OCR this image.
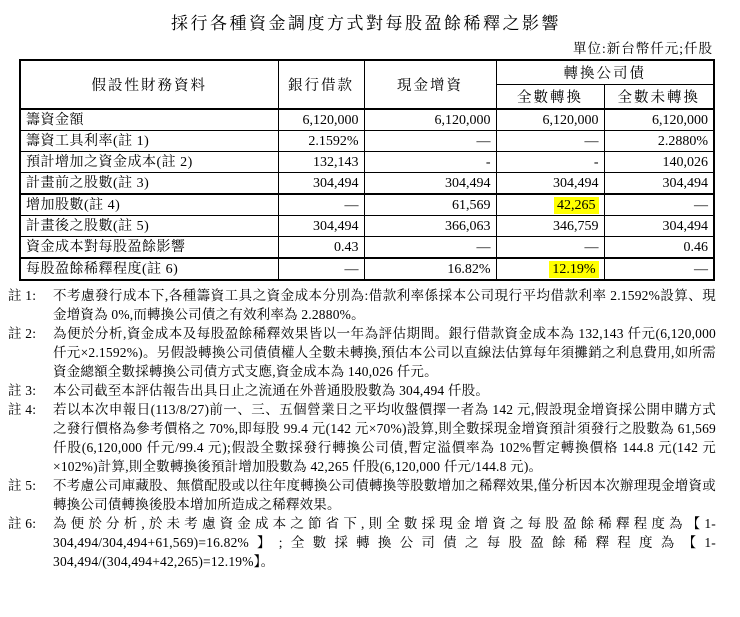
採行各種資金調度方式對每股盈餘稀釋之影響
單位:新台幣仟元;仟股
假設性財務資料	銀行借款	現金增資	轉換公司債	
			全數轉換	全數未轉換
籌資金額	6,120,000	6,120,000	6,120,000	6,120,000
籌資工具利率(註 1)	2.1592%	—	—	2.2880%
預計增加之資金成本(註 2)	132,143	-	-	140,026
計畫前之股數(註 3)	304,494	304,494	304,494	304,494
增加股數(註 4)	—	61,569	42,265	—
計畫後之股數(註 5)	304,494	366,063	346,759	304,494
資金成本對每股盈餘影響	0.43	—	—	0.46
每股盈餘稀釋程度(註 6)	—	16.82%	12.19%	—
註 1:	不考慮發行成本下,各種籌資工具之資金成本分別為:借款利率係採本公司現行平均借款利率 2.1592%設算、現金增資為 0%,而轉換公司債之有效利率為 2.2880%。
註 2:	為便於分析,資金成本及每股盈餘稀釋效果皆以一年為評估期間。銀行借款資金成本為 132,143 仟元(6,120,000 仟元×2.1592%)。另假設轉換公司債債權人全數未轉換,預估本公司以直線法估算每年須攤銷之利息費用,如所需資金總額全數採轉換公司債方式支應,資金成本為 140,026 仟元。
註 3:	本公司截至本評估報告出具日止之流通在外普通股股數為 304,494 仟股。
註 4:	若以本次申報日(113/8/27)前一、三、五個營業日之平均收盤價擇一者為 142 元,假設現金增資採公開申購方式之發行價格為參考價格之 70%,即每股 99.4 元(142 元×70%)設算,則全數採現金增資預計須發行之股數為 61,569 仟股(6,120,000 仟元/99.4 元);假設全數採發行轉換公司債,暫定溢價率為 102%暫定轉換價格 144.8 元(142 元×102%)計算,則全數轉換後預計增加股數為 42,265 仟股(6,120,000 仟元/144.8 元)。
註 5:	不考慮公司庫藏股、無償配股或以往年度轉換公司債轉換等股數增加之稀釋效果,僅分析因本次辦理現金增資或轉換公司債轉換後股本增加所造成之稀釋效果。
註 6:	為便於分析,於未考慮資金成本之節省下,則全數採現金增資之每股盈餘稀釋程度為【1-304,494/304,494+61,569)=16.82%】;全數採轉換公司債之每股盈餘稀釋程度為【1-304,494/(304,494+42,265)=12.19%】。
